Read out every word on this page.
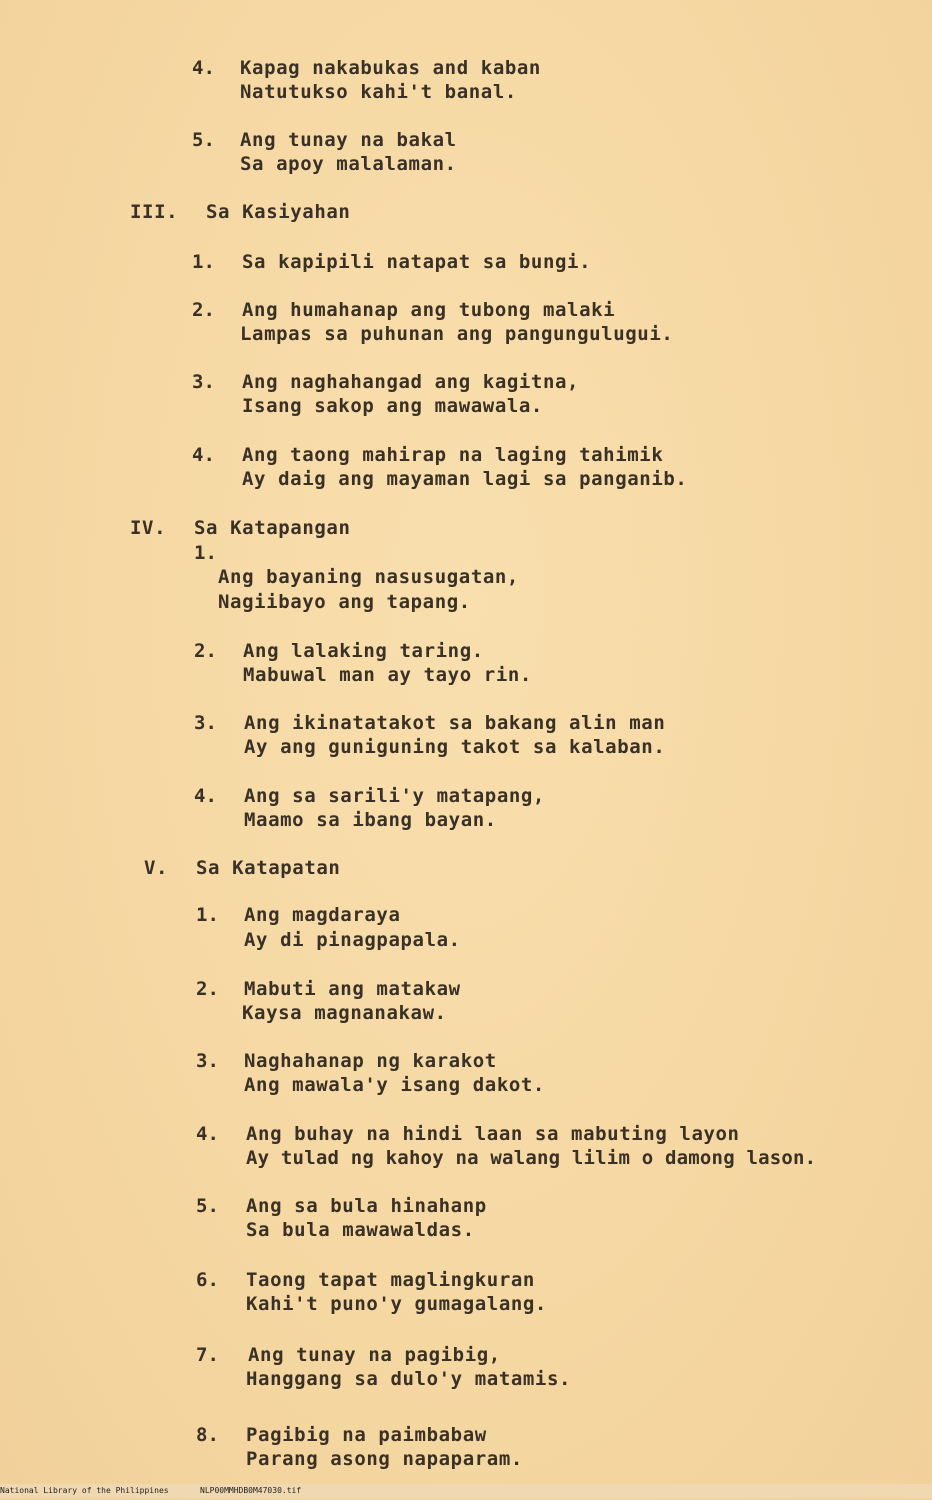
4. Kapag nakabukas and kaban
Natutukso kahi't banal.
5. Ang tunay na bakal
Sa apoy malalaman.
III. Sa Kasiyahan
1. Sa kapipili natapat sa bungi.
2. Ang humahanap ang tubong malaki
Lampas sa puhunan ang pangungulugui.
3. Ang naghahangad ang kagitna,
Isang sakop ang mawawala.
4. Ang taong mahirap na laging tahimik
Ay daig ang mayaman lagi sa panganib.
IV. Sa Katapangan
1.
Ang bayaning nasusugatan,
Nagiibayo ang tapang.
2. Ang lalaking taring.
Mabuwal man ay tayo rin.
3. Ang ikinatatakot sa bakang alin man
Ay ang guniguning takot sa kalaban.
4. Ang sa sarili'y matapang,
Maamo sa ibang bayan.
V. Sa Katapatan
1. Ang magdaraya
Ay di pinagpapala.
2. Mabuti ang matakaw
Kaysa magnanakaw.
3. Naghahanap ng karakot
Ang mawala'y isang dakot.
4. Ang buhay na hindi laan sa mabuting layon
Ay tulad ng kahoy na walang lilim o damong lason.
5. Ang sa bula hinahanp
Sa bula mawawaldas.
6. Taong tapat maglingkuran
Kahi't puno'y gumagalang.
7. Ang tunay na pagibig,
Hanggang sa dulo'y matamis.
8. Pagibig na paimbabaw
Parang asong napaparam.
National Library of the Philippines	NLP00MMHDB0M47030.tif
